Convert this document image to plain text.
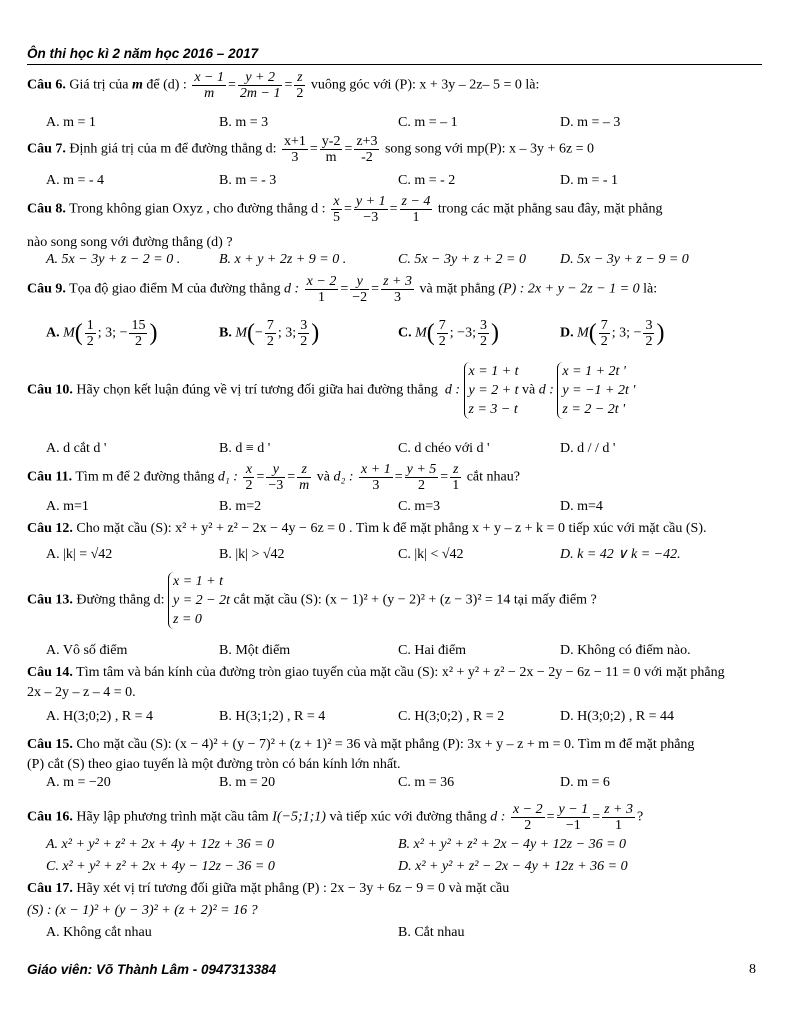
Ôn thi học kì 2 năm học 2016 – 2017
Câu 6. Giá trị của m để (d) : $\frac{x - 1}{m} = \frac{y + 2}{2m - 1} = \frac{z}{2}$ vuông góc với (P): x + 3y – 2z– 5 = 0 là:
A. m = 1	B. m = 3	C. m = – 1	D. m = – 3
Câu 7. Định giá trị của m để đường thẳng d: $\frac{x+1}{3} = \frac{y-2}{m} = \frac{z+3}{-2}$ song song với mp(P): x – 3y + 6z = 0
A. m = - 4	B. m = - 3	C. m = - 2	D. m = - 1
Câu 8. Trong không gian Oxyz , cho đường thẳng d : $\frac{x}{5} = \frac{y + 1}{-3} = \frac{z - 4}{1}$ trong các mặt phẳng sau đây, mặt phẳng
nào song song với đường thẳng (d) ?
A. 5x − 3y + z − 2 = 0 .	B. x + y + 2z + 9 = 0 .	C. 5x − 3y + z + 2 = 0 D. 5x − 3y + z − 9 = 0
Câu 9. Tọa độ giao điểm M của đường thẳng d : $\frac{x - 2}{1} = \frac{y}{-2} = \frac{z + 3}{3}$ và mặt phẳng (P) : 2x + y − 2z − 1 = 0 là:
A. $M( \frac{1}{2}$ ; 3; − $\frac{15}{2}$ )	B. $M(- \frac{7}{2}$ ; 3; $\frac{3}{2}$ )	C. $M( \frac{7}{2}$ ; −3; $\frac{3}{2}$ )	D. $M( \frac{7}{2}$ ; 3; − $\frac{3}{2}$ )
Câu 10. Hãy chọn kết luận đúng về vị trí tương đối giữa hai đường thẳng d : x = 1 + t
y = 2 + t
z = 3 − t và d : x = 1 + 2t '
y = −1 + 2t '
z = 2 − 2t '
A. d cắt d '	B. d ≡ d '	C. d chéo với d '	D. d / / d '
Câu 11. Tìm m để 2 đường thẳng d₁ : $\frac{x}{2} = \frac{y}{-3} = \frac{z}{m}$ và d₂ : $\frac{x + 1}{3} = \frac{y + 5}{2} = \frac{z}{1}$ cắt nhau?
A. m=1	B. m=2	C. m=3	D. m=4
Câu 12. Cho mặt cầu (S): x² + y² + z² − 2x − 4y − 6z = 0 . Tìm k để mặt phẳng x + y – z + k = 0 tiếp xúc với mặt cầu (S).
A. |k| = √42	B. |k| > √42	C. |k| < √42	D. k = 42 ∨ k = −42.
Câu 13. Đường thẳng d: x = 1 + t
y = 2 − 2t
z = 0 cắt mặt cầu (S): (x − 1)² + (y − 2)² + (z − 3)² = 14 tại mấy điểm ?
A. Vô số điểm	B. Một điểm	C. Hai điểm	D. Không có điểm nào.
Câu 14. Tìm tâm và bán kính của đường tròn giao tuyến của mặt cầu (S): x² + y² + z² − 2x − 2y − 6z − 11 = 0 với mặt phẳng
2x – 2y – z – 4 = 0.
A. H(3;0;2) , R = 4	B. H(3;1;2) , R = 4	C. H(3;0;2) , R = 2	D. H(3;0;2) , R = 44
Câu 15. Cho mặt cầu (S): (x − 4)² + (y − 7)² + (z + 1)² = 36 và mặt phẳng (P): 3x + y – z + m = 0. Tìm m để mặt phẳng
(P) cắt (S) theo giao tuyến là một đường tròn có bán kính lớn nhất.
A. m = −20	B. m = 20	C. m = 36	D. m = 6
Câu 16. Hãy lập phương trình mặt cầu tâm I(−5;1;1) và tiếp xúc với đường thẳng d : $\frac{x - 2}{2} = \frac{y - 1}{-1} = \frac{z + 3}{1}$ ?
A. x² + y² + z² + 2x + 4y + 12z + 36 = 0	B. x² + y² + z² + 2x − 4y + 12z − 36 = 0
C. x² + y² + z² + 2x + 4y − 12z − 36 = 0	D. x² + y² + z² − 2x − 4y + 12z + 36 = 0
Câu 17. Hãy xét vị trí tương đối giữa mặt phẳng (P) : 2x − 3y + 6z − 9 = 0 và mặt cầu
(S) : (x − 1)² + (y − 3)² + (z + 2)² = 16 ?
A. Không cắt nhau	B. Cắt nhau
Giáo viên: Võ Thành Lâm - 0947313384	8
